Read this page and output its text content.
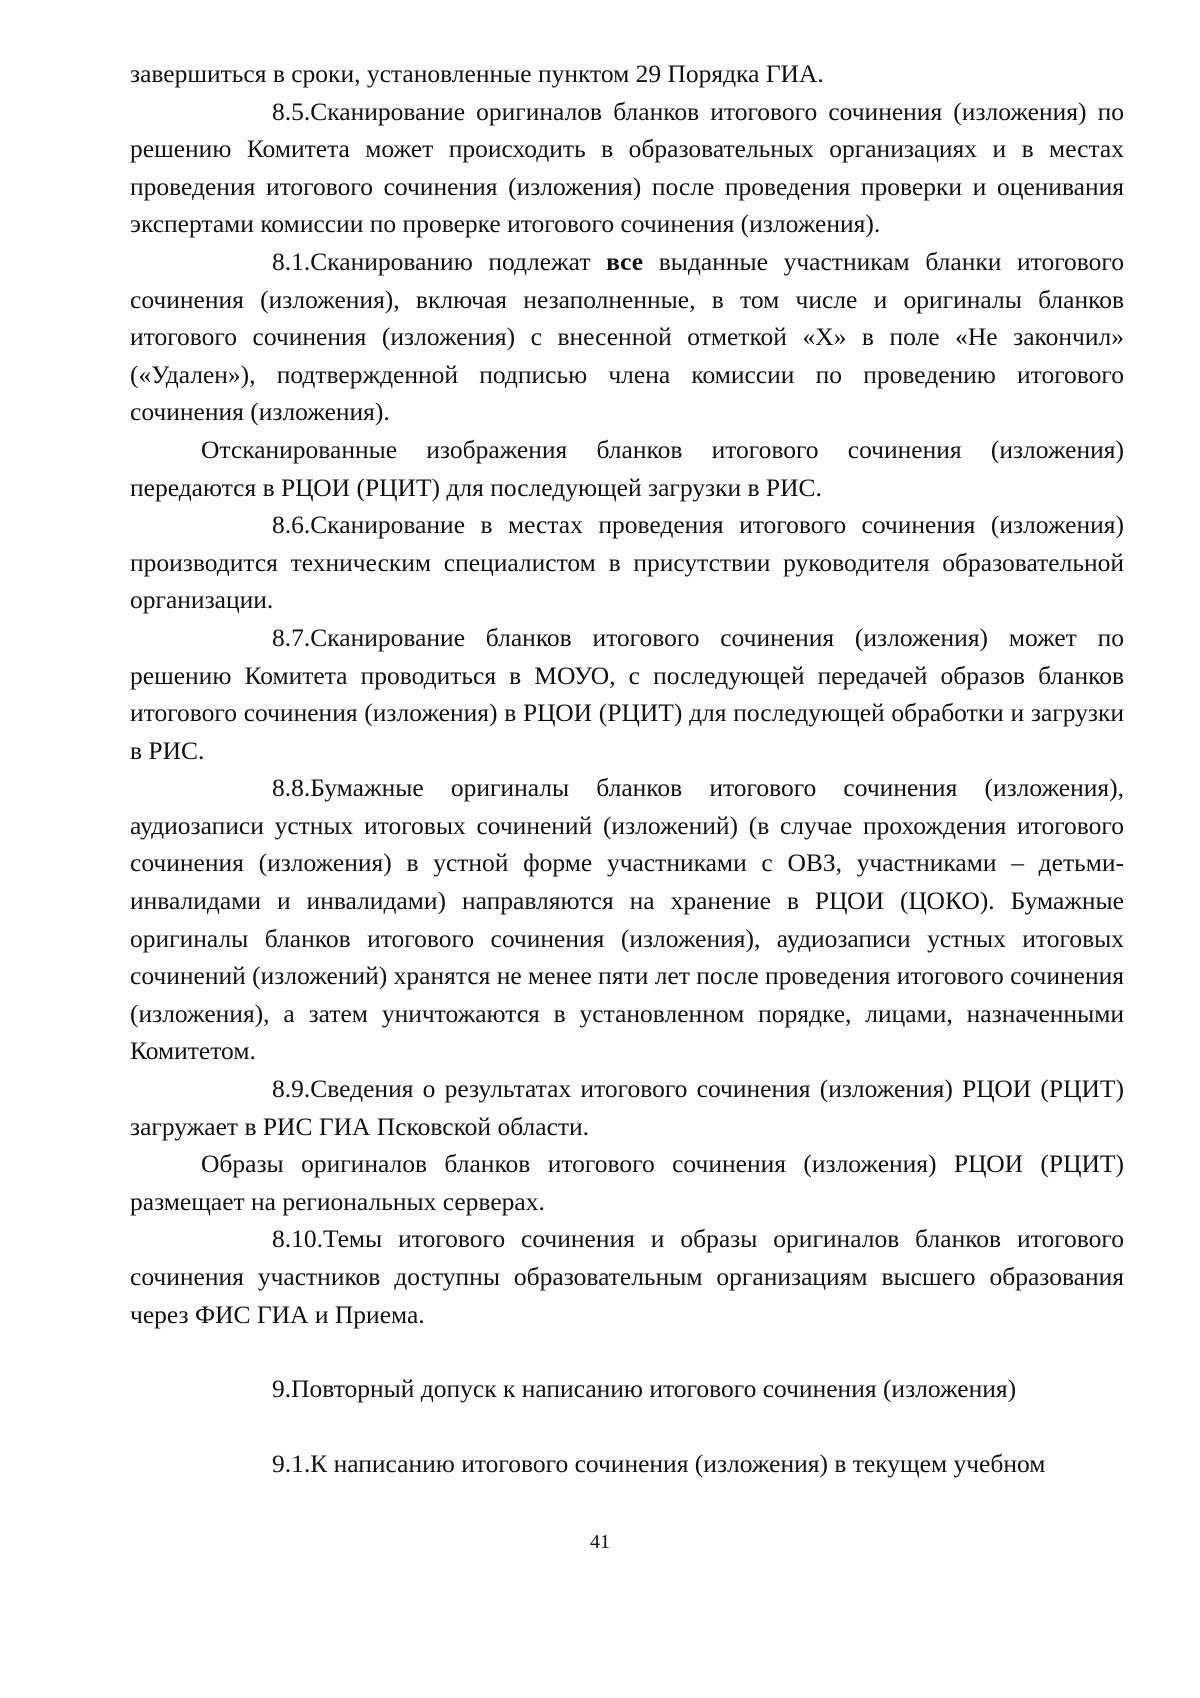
завершиться в сроки, установленные пунктом 29 Порядка ГИА.

8.5.Сканирование оригиналов бланков итогового сочинения (изложения) по решению Комитета может происходить в образовательных организациях и в местах проведения итогового сочинения (изложения) после проведения проверки и оценивания экспертами комиссии по проверке итогового сочинения (изложения).

8.1.Сканированию подлежат все выданные участникам бланки итогового сочинения (изложения), включая незаполненные, в том числе и оригиналы бланков итогового сочинения (изложения) с внесенной отметкой «Х» в поле «Не закончил» («Удален»), подтвержденной подписью члена комиссии по проведению итогового сочинения (изложения).

Отсканированные изображения бланков итогового сочинения (изложения) передаются в РЦОИ (РЦИТ) для последующей загрузки в РИС.

8.6.Сканирование в местах проведения итогового сочинения (изложения) производится техническим специалистом в присутствии руководителя образовательной организации.

8.7.Сканирование бланков итогового сочинения (изложения) может по решению Комитета проводиться в МОУО, с последующей передачей образов бланков итогового сочинения (изложения) в РЦОИ (РЦИТ) для последующей обработки и загрузки в РИС.

8.8.Бумажные оригиналы бланков итогового сочинения (изложения), аудиозаписи устных итоговых сочинений (изложений) (в случае прохождения итогового сочинения (изложения) в устной форме участниками с ОВЗ, участниками – детьми-инвалидами и инвалидами) направляются на хранение в РЦОИ (ЦОКО). Бумажные оригиналы бланков итогового сочинения (изложения), аудиозаписи устных итоговых сочинений (изложений) хранятся не менее пяти лет после проведения итогового сочинения (изложения), а затем уничтожаются в установленном порядке, лицами, назначенными Комитетом.

8.9.Сведения о результатах итогового сочинения (изложения) РЦОИ (РЦИТ) загружает в РИС ГИА Псковской области.

Образы оригиналов бланков итогового сочинения (изложения) РЦОИ (РЦИТ) размещает на региональных серверах.

8.10.Темы итогового сочинения и образы оригиналов бланков итогового сочинения участников доступны образовательным организациям высшего образования через ФИС ГИА и Приема.

9.Повторный допуск к написанию итогового сочинения (изложения)

9.1.К написанию итогового сочинения (изложения) в текущем учебном

41
